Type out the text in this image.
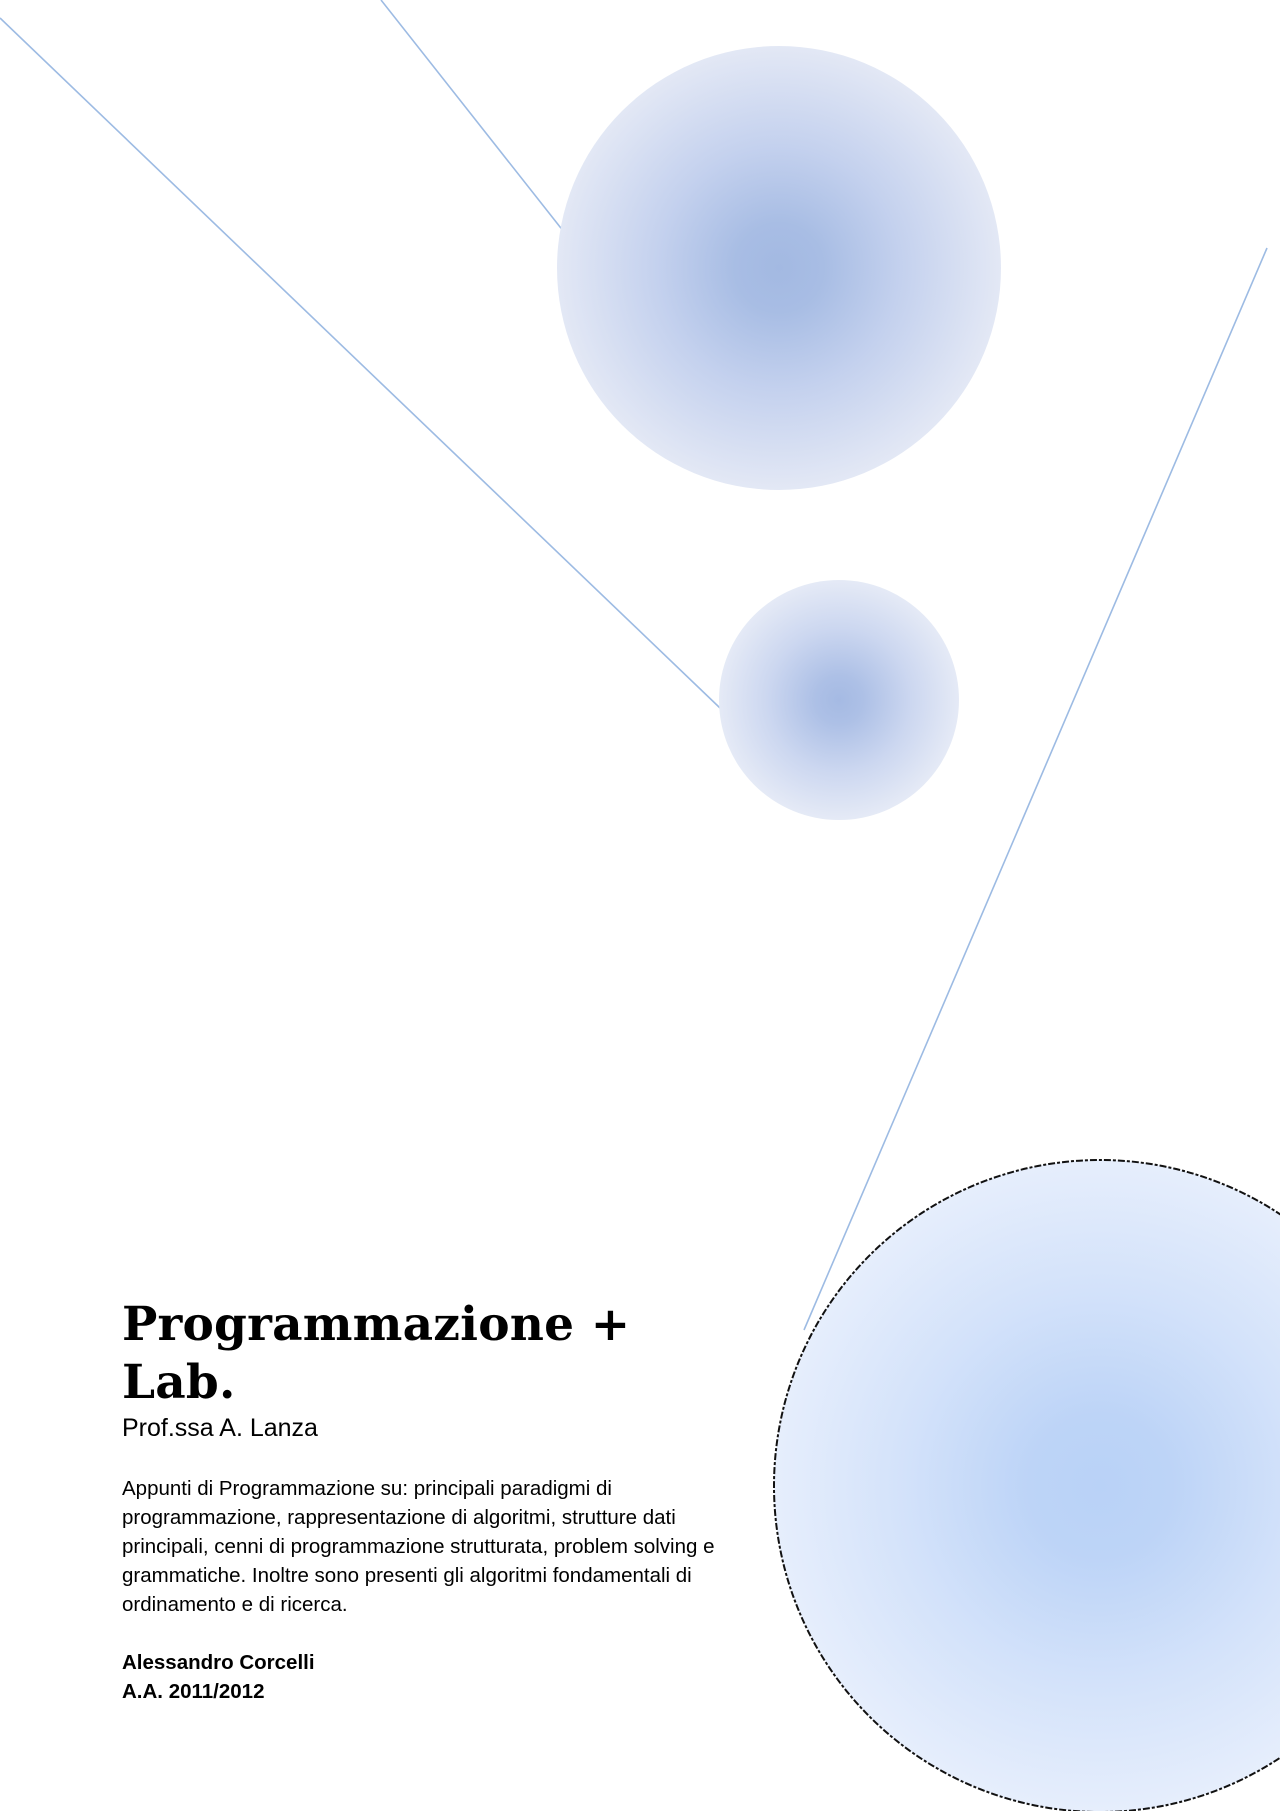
Programmazione + Lab.

Prof.ssa A. Lanza

Appunti di Programmazione su: principali paradigmi di programmazione, rappresentazione di algoritmi, strutture dati principali, cenni di programmazione strutturata, problem solving e grammatiche. Inoltre sono presenti gli algoritmi fondamentali di ordinamento e di ricerca.

Alessandro Corcelli

A.A. 2011/2012
